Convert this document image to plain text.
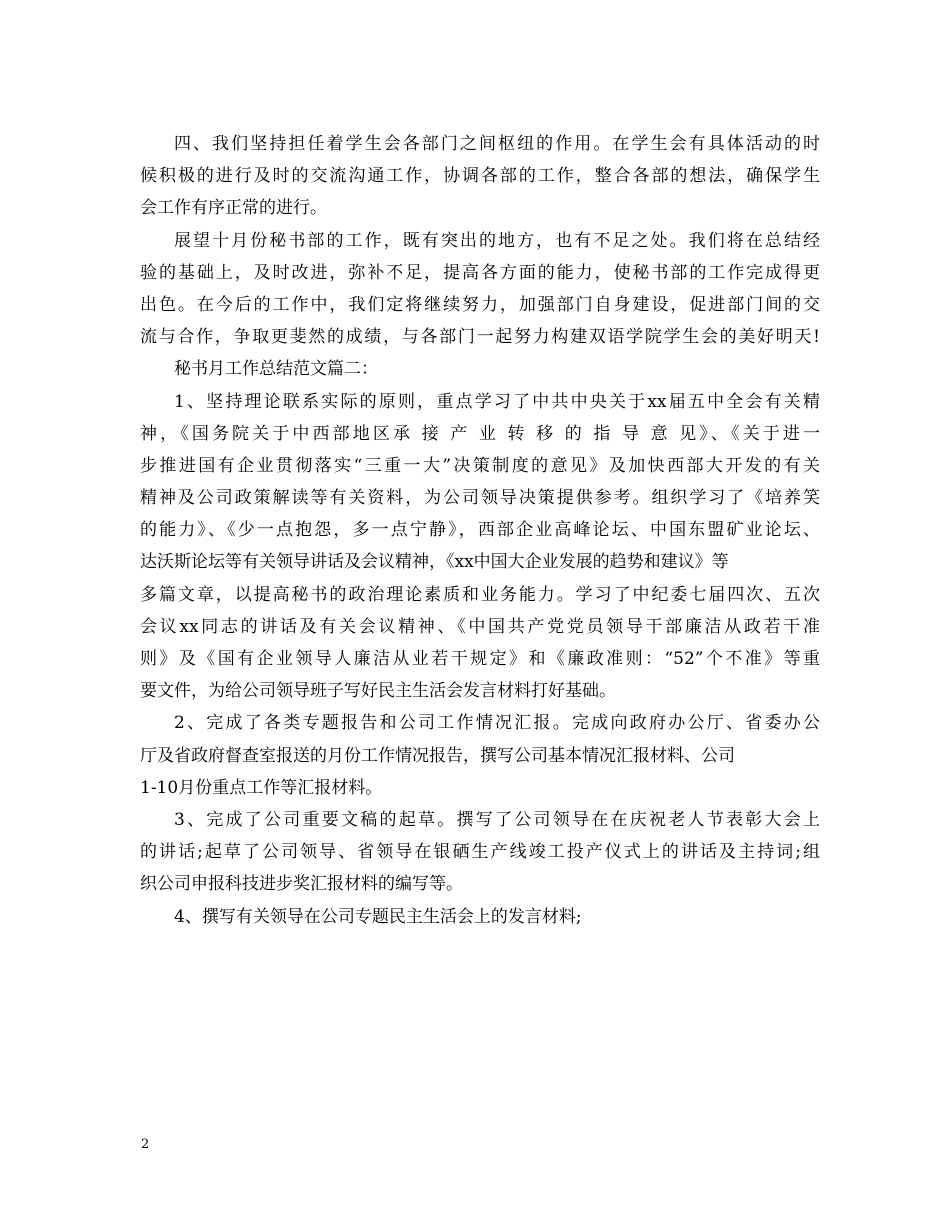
四、我们坚持担任着学生会各部门之间枢纽的作用。在学生会有具体活动的时
候积极的进行及时的交流沟通工作，协调各部的工作，整合各部的想法，确保学生
会工作有序正常的进行。
展望十月份秘书部的工作，既有突出的地方，也有不足之处。我们将在总结经
验的基础上，及时改进，弥补不足，提高各方面的能力，使秘书部的工作完成得更
出色。在今后的工作中，我们定将继续努力，加强部门自身建设，促进部门间的交
流与合作，争取更斐然的成绩，与各部门一起努力构建双语学院学生会的美好明天!
秘书月工作总结范文篇二：
1、坚持理论联系实际的原则，重点学习了中共中央关于xx届五中全会有关精
神，《国务院关于中西部地区承 接 产 业 转 移 的 指 导 意 见》、《关于进一
步推进国有企业贯彻落实“三重一大”决策制度的意见》及加快西部大开发的有关
精神及公司政策解读等有关资料，为公司领导决策提供参考。组织学习了《培养笑
的能力》、《少一点抱怨，多一点宁静》，西部企业高峰论坛、中国东盟矿业论坛、
达沃斯论坛等有关领导讲话及会议精神，《xx中国大企业发展的趋势和建议》等
多篇文章，以提高秘书的政治理论素质和业务能力。学习了中纪委七届四次、五次
会议xx同志的讲话及有关会议精神、《中国共产党党员领导干部廉洁从政若干准
则》及《国有企业领导人廉洁从业若干规定》和《廉政准则：“52”个不准》等重
要文件，为给公司领导班子写好民主生活会发言材料打好基础。
2、完成了各类专题报告和公司工作情况汇报。完成向政府办公厅、省委办公
厅及省政府督查室报送的月份工作情况报告，撰写公司基本情况汇报材料、公司
1-10月份重点工作等汇报材料。
3、完成了公司重要文稿的起草。撰写了公司领导在在庆祝老人节表彰大会上
的讲话;起草了公司领导、省领导在银硒生产线竣工投产仪式上的讲话及主持词;组
织公司申报科技进步奖汇报材料的编写等。
4、撰写有关领导在公司专题民主生活会上的发言材料;
2
